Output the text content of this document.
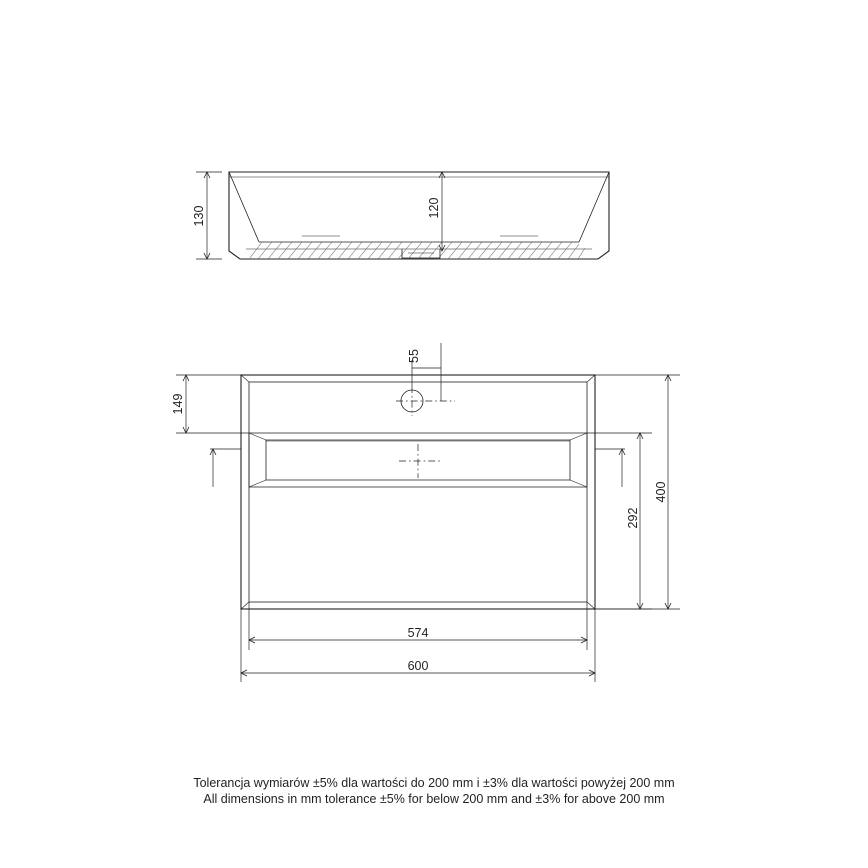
130	120
55
149
292
400
574
600
Tolerancja wymiarów ±5% dla wartości do 200 mm i ±3% dla wartości powyżej 200 mm
All dimensions in mm tolerance ±5% for below 200 mm and ±3% for above 200 mm
